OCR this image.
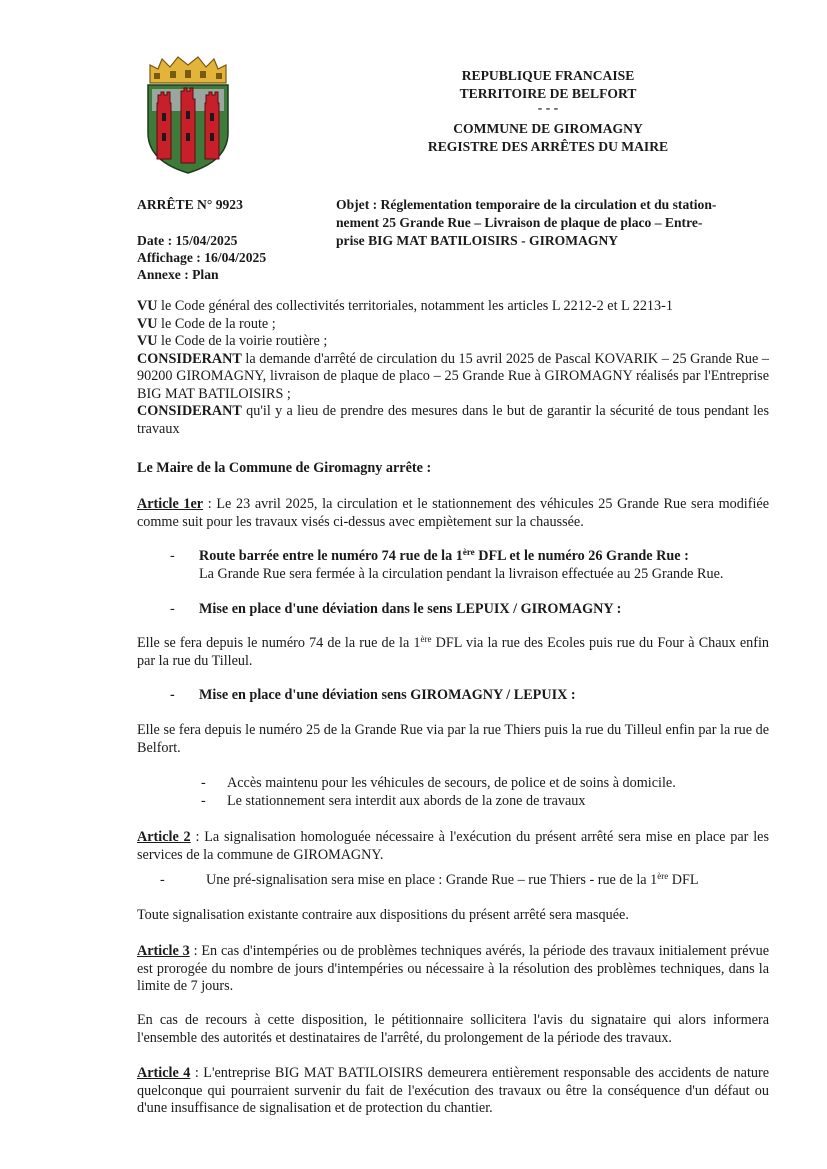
REPUBLIQUE FRANCAISE
TERRITOIRE DE BELFORT
- - -
COMMUNE DE GIROMAGNY
REGISTRE DES ARRÊTES DU MAIRE
ARRÊTE N° 9923
Date : 15/04/2025
Affichage : 16/04/2025
Annexe : Plan
Objet : Réglementation temporaire de la circulation et du station-
nement 25 Grande Rue – Livraison de plaque de placo – Entre-
prise BIG MAT BATILOISIRS - GIROMAGNY

VU le Code général des collectivités territoriales, notamment les articles L 2212-2 et L 2213-1

VU le Code de la route ;

VU le Code de la voirie routière ;

CONSIDERANT la demande d'arrêté de circulation du 15 avril 2025 de Pascal KOVARIK – 25 Grande Rue – 90200 GIROMAGNY, livraison de plaque de placo – 25 Grande Rue à GIROMAGNY réalisés par l'Entreprise BIG MAT BATILOISIRS ;

CONSIDERANT qu'il y a lieu de prendre des mesures dans le but de garantir la sécurité de tous pendant les travaux

Le Maire de la Commune de Giromagny arrête :

Article 1er : Le 23 avril 2025, la circulation et le stationnement des véhicules 25 Grande Rue sera modifiée comme suit pour les travaux visés ci-dessus avec empiètement sur la chaussée.

- Route barrée entre le numéro 74 rue de la 1ère DFL et le numéro 26 Grande Rue :
La Grande Rue sera fermée à la circulation pendant la livraison effectuée au 25 Grande Rue.
- Mise en place d'une déviation dans le sens LEPUIX / GIROMAGNY :

Elle se fera depuis le numéro 74 de la rue de la 1ère DFL via la rue des Ecoles puis rue du Four à Chaux enfin par la rue du Tilleul.

- Mise en place d'une déviation sens GIROMAGNY / LEPUIX :
Elle se fera depuis le numéro 25 de la Grande Rue via par la rue Thiers puis la rue du Tilleul enfin par la rue de Belfort.
- Accès maintenu pour les véhicules de secours, de police et de soins à domicile.
- Le stationnement sera interdit aux abords de la zone de travaux

Article 2 : La signalisation homologuée nécessaire à l'exécution du présent arrêté sera mise en place par les services de la commune de GIROMAGNY.

-	Une pré-signalisation sera mise en place : Grande Rue – rue Thiers - rue de la 1ère DFL
Toute signalisation existante contraire aux dispositions du présent arrêté sera masquée.

Article 3 : En cas d'intempéries ou de problèmes techniques avérés, la période des travaux initialement prévue est prorogée du nombre de jours d'intempéries ou nécessaire à la résolution des problèmes techniques, dans la limite de 7 jours.

En cas de recours à cette disposition, le pétitionnaire sollicitera l'avis du signataire qui alors informera l'ensemble des autorités et destinataires de l'arrêté, du prolongement de la période des travaux.

Article 4 : L'entreprise BIG MAT BATILOISIRS demeurera entièrement responsable des accidents de nature quelconque qui pourraient survenir du fait de l'exécution des travaux ou être la conséquence d'un défaut ou d'une insuffisance de signalisation et de protection du chantier.
